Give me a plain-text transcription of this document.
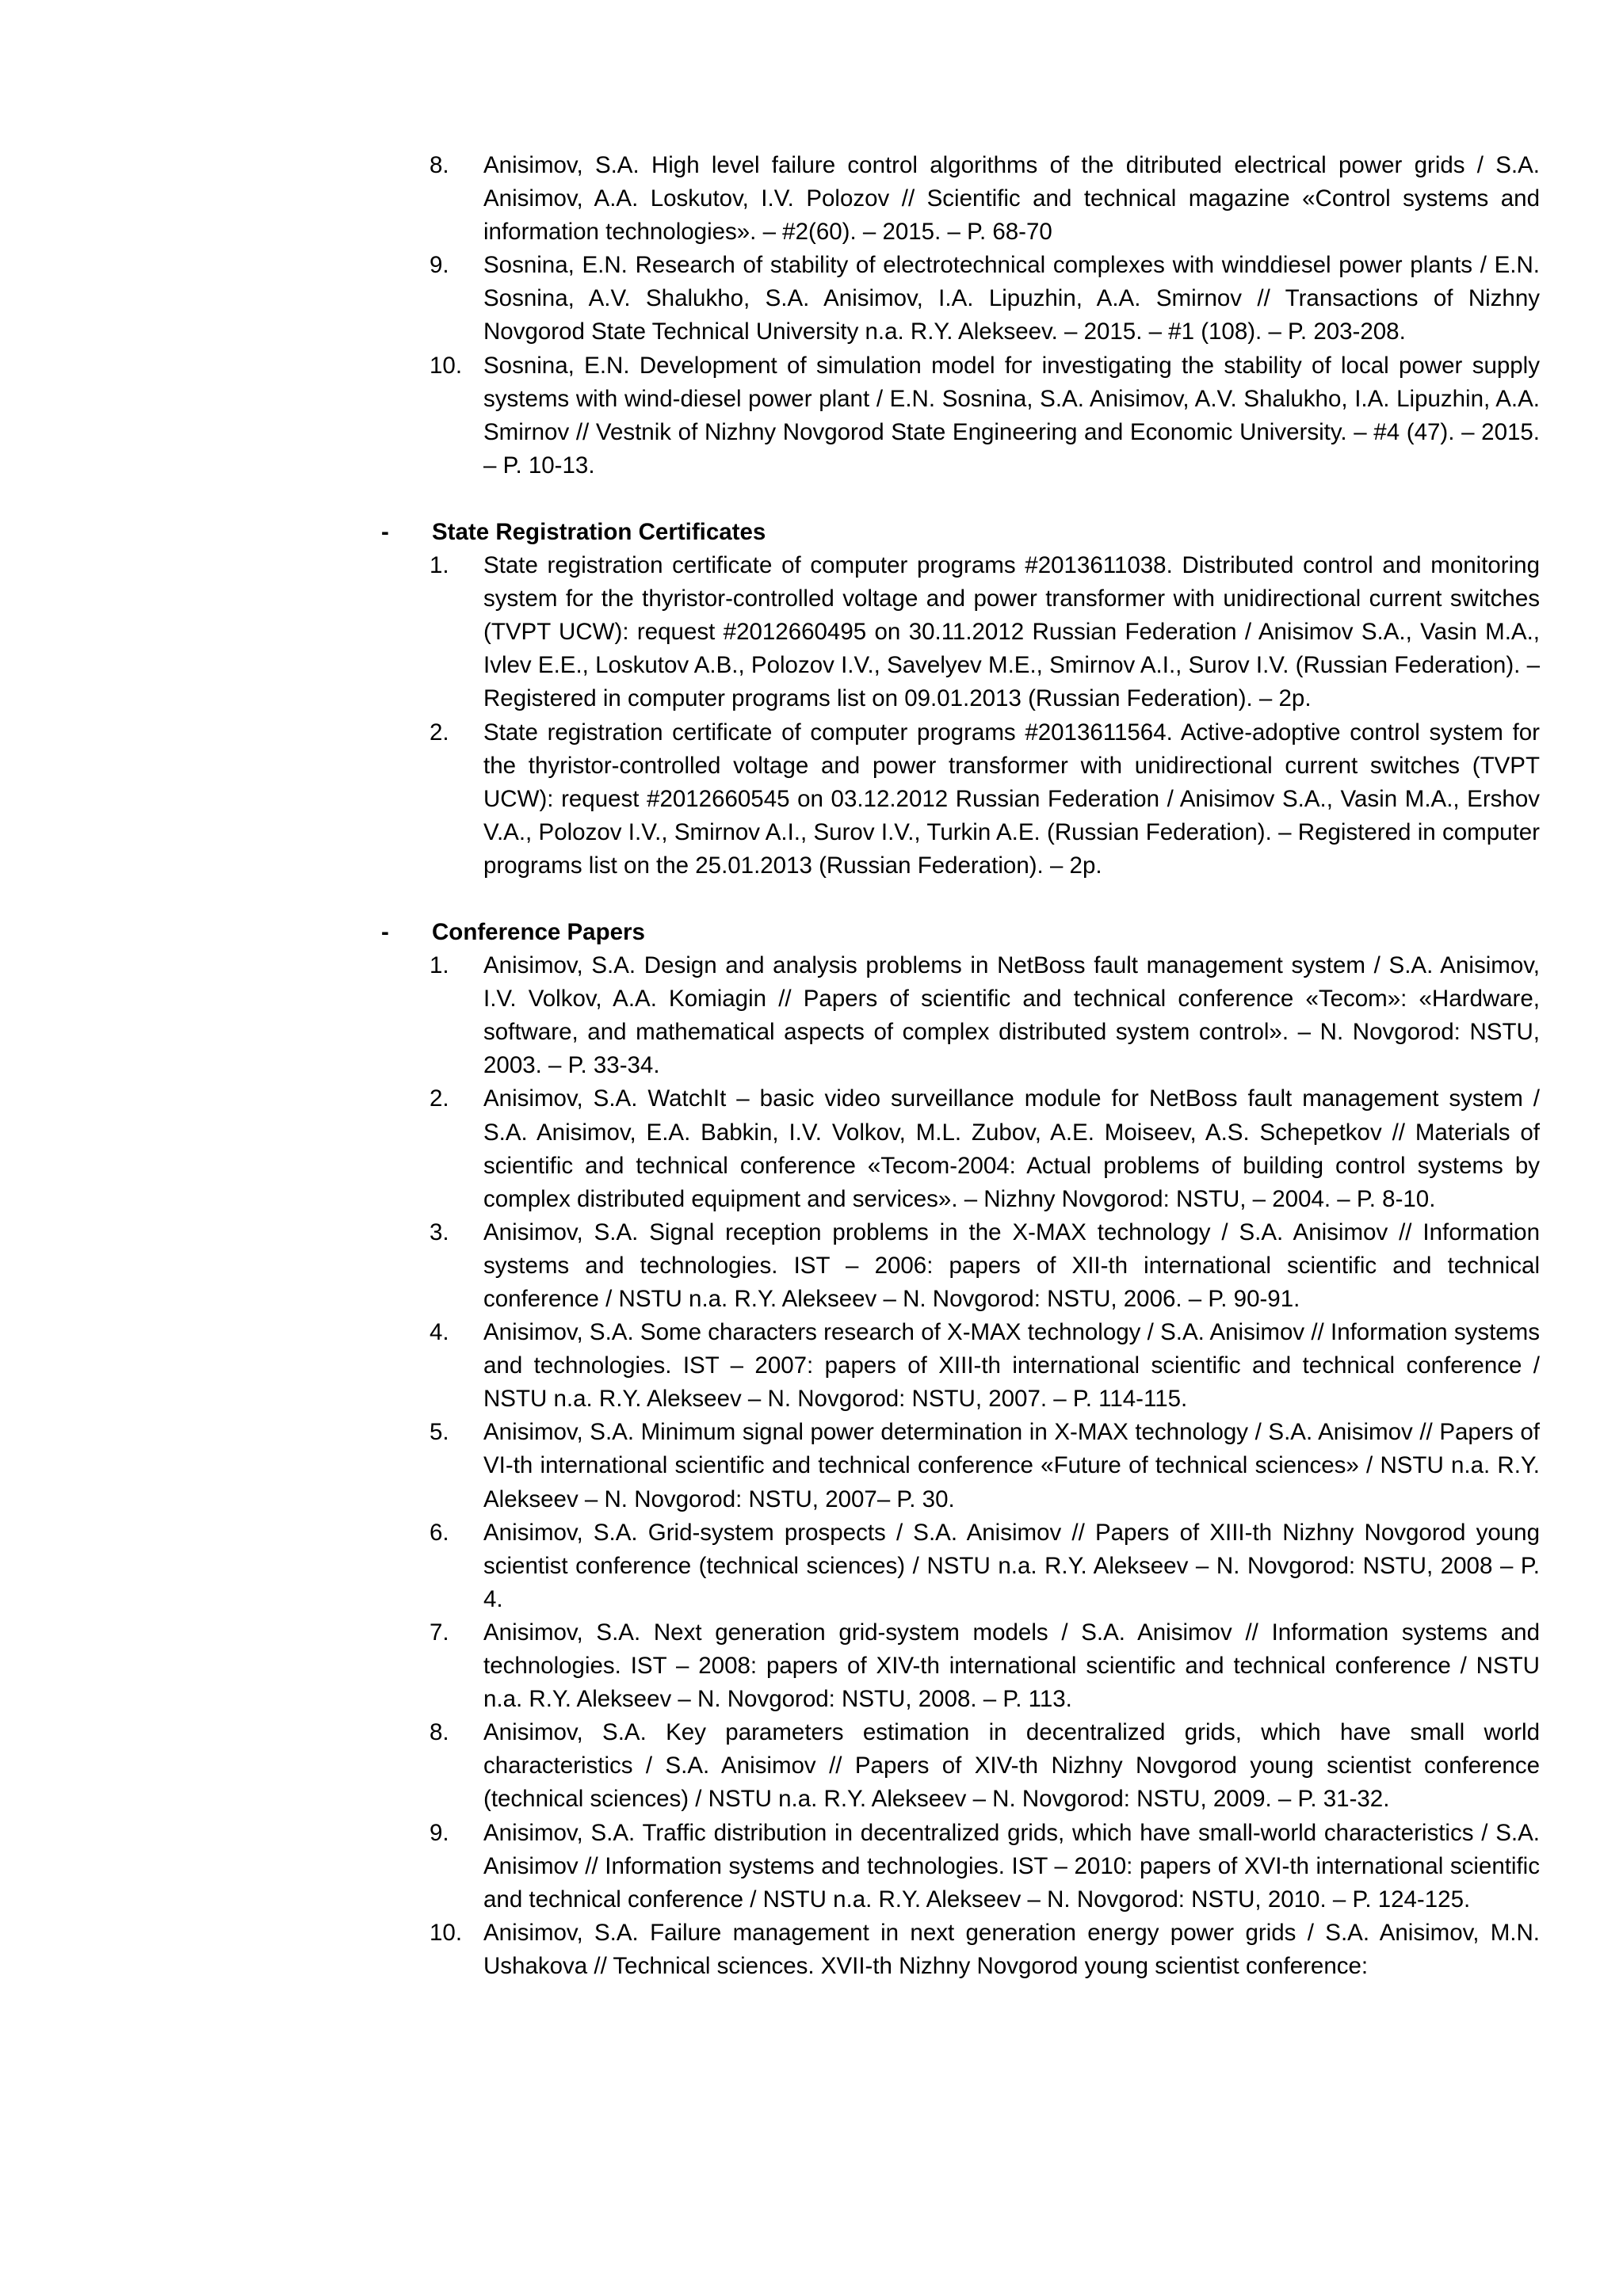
8. Anisimov, S.A. High level failure control algorithms of the ditributed electrical power grids / S.A. Anisimov, A.A. Loskutov, I.V. Polozov // Scientific and technical magazine «Control systems and information technologies». – #2(60). – 2015. – P. 68-70
9. Sosnina, E.N. Research of stability of electrotechnical complexes with winddiesel power plants / E.N. Sosnina, A.V. Shalukho, S.A. Anisimov, I.A. Lipuzhin, A.A. Smirnov // Transactions of Nizhny Novgorod State Technical University n.a. R.Y. Alekseev. – 2015. – #1 (108). – P. 203-208.
10. Sosnina, E.N. Development of simulation model for investigating the stability of local power supply systems with wind-diesel power plant / E.N. Sosnina, S.A. Anisimov, A.V. Shalukho, I.A. Lipuzhin, A.A. Smirnov // Vestnik of Nizhny Novgorod State Engineering and Economic University. – #4 (47). – 2015. – P. 10-13.
- State Registration Certificates
1. State registration certificate of computer programs #2013611038. Distributed control and monitoring system for the thyristor-controlled voltage and power transformer with unidirectional current switches (TVPT UCW): request #2012660495 on 30.11.2012 Russian Federation / Anisimov S.A., Vasin M.A., Ivlev E.E., Loskutov A.B., Polozov I.V., Savelyev M.E., Smirnov A.I., Surov I.V. (Russian Federation). – Registered in computer programs list on 09.01.2013 (Russian Federation). – 2p.
2. State registration certificate of computer programs #2013611564. Active-adoptive control system for the thyristor-controlled voltage and power transformer with unidirectional current switches (TVPT UCW): request #2012660545 on 03.12.2012 Russian Federation / Anisimov S.A., Vasin M.A., Ershov V.A., Polozov I.V., Smirnov A.I., Surov I.V., Turkin A.E. (Russian Federation). – Registered in computer programs list on the 25.01.2013 (Russian Federation). – 2p.
- Conference Papers
1. Anisimov, S.A. Design and analysis problems in NetBoss fault management system / S.A. Anisimov, I.V. Volkov, A.A. Komiagin // Papers of scientific and technical conference «Tecom»: «Hardware, software, and mathematical aspects of complex distributed system control». – N. Novgorod: NSTU, 2003. – P. 33-34.
2. Anisimov, S.A. WatchIt – basic video surveillance module for NetBoss fault management system / S.A. Anisimov, E.A. Babkin, I.V. Volkov, M.L. Zubov, A.E. Moiseev, A.S. Schepetkov // Materials of scientific and technical conference «Tecom-2004: Actual problems of building control systems by complex distributed equipment and services». – Nizhny Novgorod: NSTU, – 2004. – P. 8-10.
3. Anisimov, S.A. Signal reception problems in the X-MAX technology / S.A. Anisimov // Information systems and technologies. IST – 2006: papers of XII-th international scientific and technical conference / NSTU n.a. R.Y. Alekseev – N. Novgorod: NSTU, 2006. – P. 90-91.
4. Anisimov, S.A. Some characters research of X-MAX technology / S.A. Anisimov // Information systems and technologies. IST – 2007: papers of XIII-th international scientific and technical conference / NSTU n.a. R.Y. Alekseev – N. Novgorod: NSTU, 2007. – P. 114-115.
5. Anisimov, S.A. Minimum signal power determination in X-MAX technology / S.A. Anisimov // Papers of VI-th international scientific and technical conference «Future of technical sciences» / NSTU n.a. R.Y. Alekseev – N. Novgorod: NSTU, 2007– P. 30.
6. Anisimov, S.A. Grid-system prospects / S.A. Anisimov // Papers of XIII-th Nizhny Novgorod young scientist conference (technical sciences) / NSTU n.a. R.Y. Alekseev – N. Novgorod: NSTU, 2008 – P. 4.
7. Anisimov, S.A. Next generation grid-system models / S.A. Anisimov // Information systems and technologies. IST – 2008: papers of XIV-th international scientific and technical conference / NSTU n.a. R.Y. Alekseev – N. Novgorod: NSTU, 2008. – P. 113.
8. Anisimov, S.A. Key parameters estimation in decentralized grids, which have small world characteristics / S.A. Anisimov // Papers of XIV-th Nizhny Novgorod young scientist conference (technical sciences) / NSTU n.a. R.Y. Alekseev – N. Novgorod: NSTU, 2009. – P. 31-32.
9. Anisimov, S.A. Traffic distribution in decentralized grids, which have small-world characteristics / S.A. Anisimov // Information systems and technologies. IST – 2010: papers of XVI-th international scientific and technical conference / NSTU n.a. R.Y. Alekseev – N. Novgorod: NSTU, 2010. – P. 124-125.
10. Anisimov, S.A. Failure management in next generation energy power grids / S.A. Anisimov, M.N. Ushakova // Technical sciences. XVII-th Nizhny Novgorod young scientist conference:
